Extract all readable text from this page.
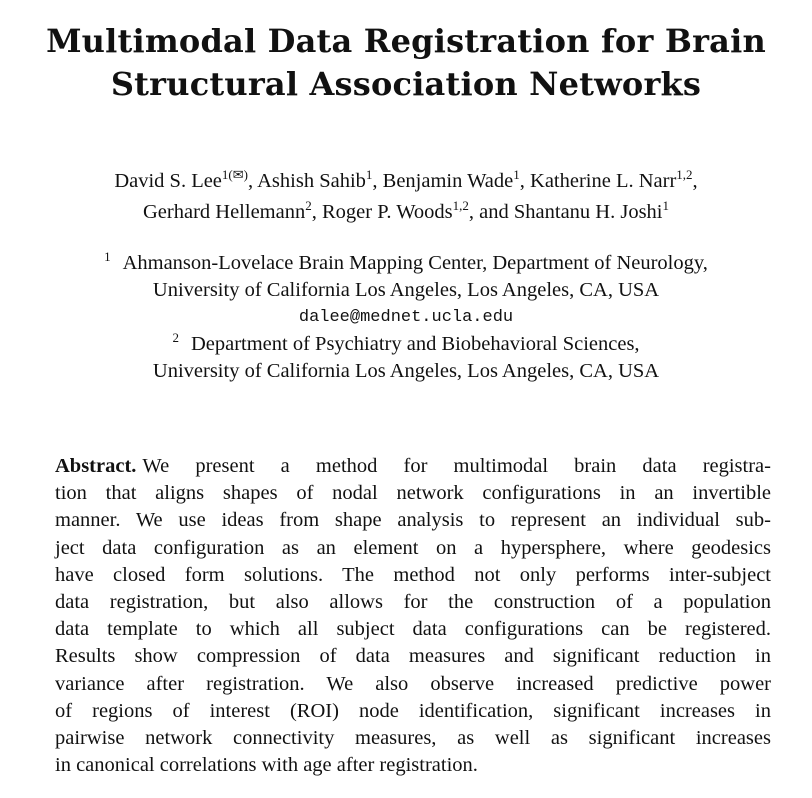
Multimodal Data Registration for Brain
Structural Association Networks
David S. Lee$^{1(✉)}$, Ashish Sahib$^1$, Benjamin Wade$^1$, Katherine L. Narr$^{1,2}$,
Gerhard Hellemann$^2$, Roger P. Woods$^{1,2}$, and Shantanu H. Joshi$^1$
$^1$ Ahmanson-Lovelace Brain Mapping Center, Department of Neurology,
University of California Los Angeles, Los Angeles, CA, USA
dalee@mednet.ucla.edu
$^2$ Department of Psychiatry and Biobehavioral Sciences,
University of California Los Angeles, Los Angeles, CA, USA
Abstract. We present a method for multimodal brain data registra-
tion that aligns shapes of nodal network configurations in an invertible
manner. We use ideas from shape analysis to represent an individual sub-
ject data configuration as an element on a hypersphere, where geodesics
have closed form solutions. The method not only performs inter-subject
data registration, but also allows for the construction of a population
data template to which all subject data configurations can be registered.
Results show compression of data measures and significant reduction in
variance after registration. We also observe increased predictive power
of regions of interest (ROI) node identification, significant increases in
pairwise network connectivity measures, as well as significant increases
in canonical correlations with age after registration.
